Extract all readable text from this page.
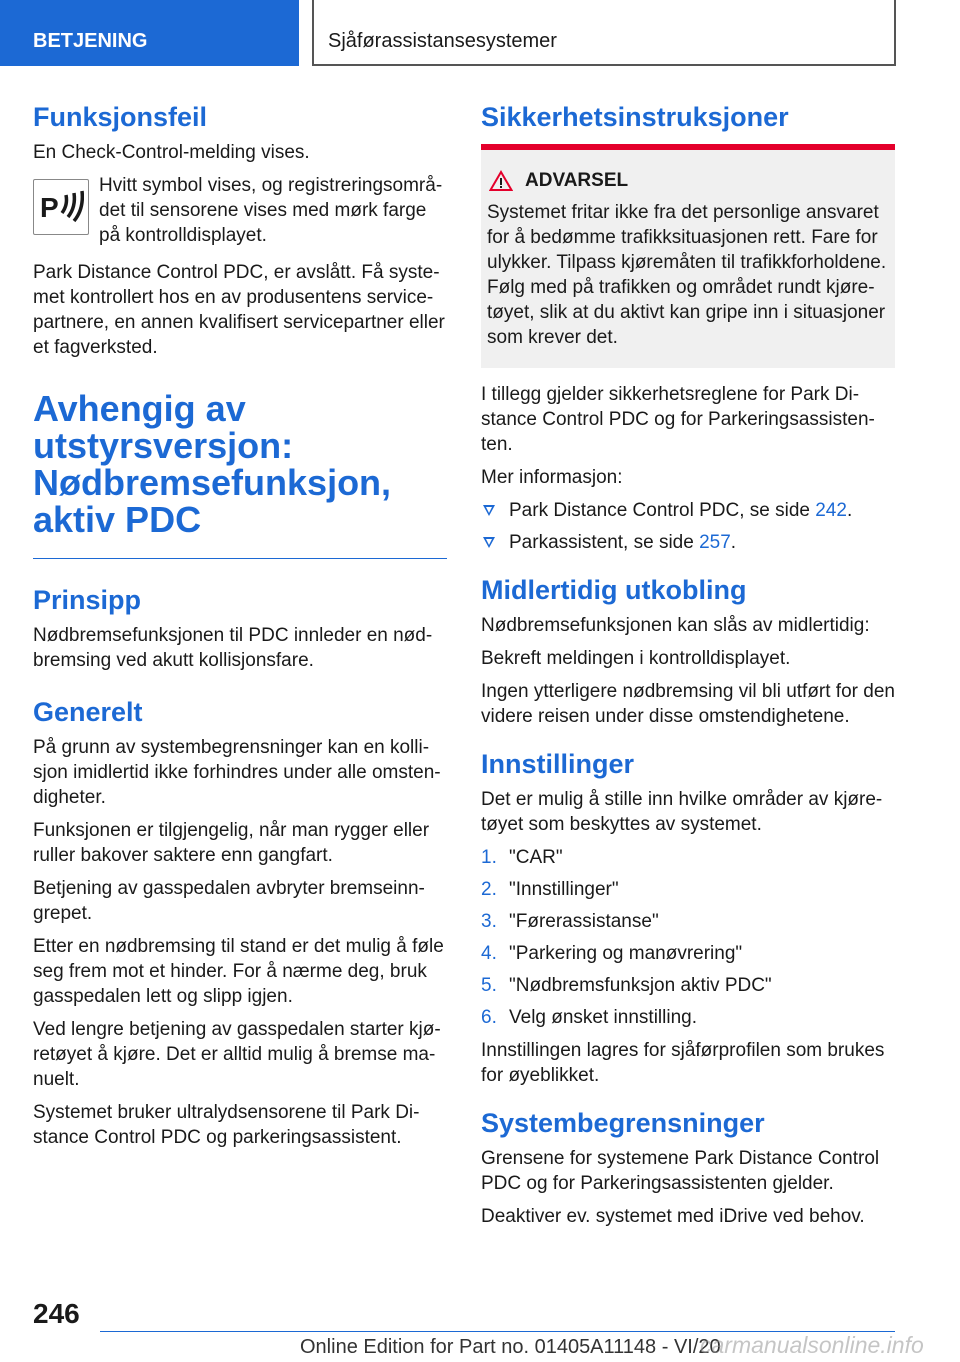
BETJENING	Sjåførassistansesystemer
Funksjonsfeil
En Check-Control-melding vises.
P
Hvitt symbol vises, og registreringsområ-det til sensorene vises med mørk farge på kontrolldisplayet.
Park Distance Control PDC, er avslått. Få syste-met kontrollert hos en av produsentens service-partnere, en annen kvalifisert servicepartner eller et fagverksted.
Avhengig av utstyrsversjon: Nødbremsefunksjon, aktiv PDC
Prinsipp
Nødbremsefunksjonen til PDC innleder en nød-bremsing ved akutt kollisjonsfare.
Generelt
På grunn av systembegrensninger kan en kolli-sjon imidlertid ikke forhindres under alle omsten-digheter.
Funksjonen er tilgjengelig, når man rygger eller ruller bakover saktere enn gangfart.
Betjening av gasspedalen avbryter bremseinn-grepet.
Etter en nødbremsing til stand er det mulig å føle seg frem mot et hinder. For å nærme deg, bruk gasspedalen lett og slipp igjen.
Ved lengre betjening av gasspedalen starter kjø-retøyet å kjøre. Det er alltid mulig å bremse ma-nuelt.
Systemet bruker ultralydsensorene til Park Di-stance Control PDC og parkeringsassistent.
Sikkerhetsinstruksjoner
ADVARSEL
Systemet fritar ikke fra det personlige ansvaret for å bedømme trafikksituasjonen rett. Fare for ulykker. Tilpass kjøremåten til trafikkforholdene. Følg med på trafikken og området rundt kjøre-tøyet, slik at du aktivt kan gripe inn i situasjoner som krever det.
I tillegg gjelder sikkerhetsreglene for Park Di-stance Control PDC og for Parkeringsassisten-ten.
Mer informasjon:
Park Distance Control PDC, se side 242.
Parkassistent, se side 257.
Midlertidig utkobling
Nødbremsefunksjonen kan slås av midlertidig:
Bekreft meldingen i kontrolldisplayet.
Ingen ytterligere nødbremsing vil bli utført for den videre reisen under disse omstendighetene.
Innstillinger
Det er mulig å stille inn hvilke områder av kjøre-tøyet som beskyttes av systemet.
1. "CAR"
2. "Innstillinger"
3. "Førerassistanse"
4. "Parkering og manøvrering"
5. "Nødbremsfunksjon aktiv PDC"
6. Velg ønsket innstilling.
Innstillingen lagres for sjåførprofilen som brukes for øyeblikket.
Systembegrensninger
Grensene for systemene Park Distance Control PDC og for Parkeringsassistenten gjelder.
Deaktiver ev. systemet med iDrive ved behov.
246
Online Edition for Part no. 01405A11148 - VI/20
carmanualsonline.info
